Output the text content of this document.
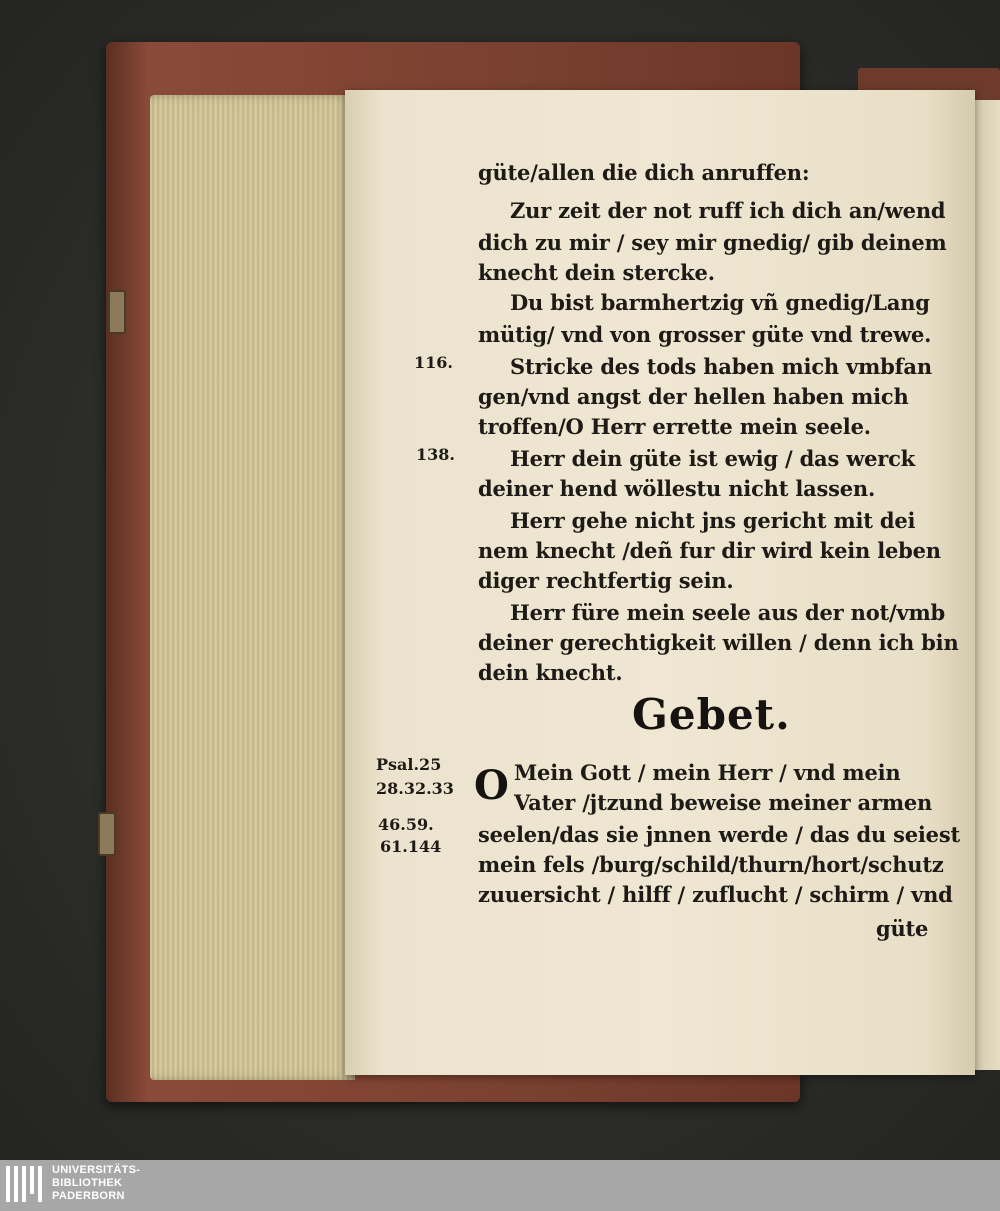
güte/allen die dich anruffen:
Zur zeit der not ruff ich dich an/wend
dich zu mir / sey mir gnedig/ gib deinem
knecht dein stercke.
Du bist barmhertzig vñ gnedig/Lang
mütig/ vnd von grosser güte vnd trewe.
Stricke des tods haben mich vmbfan
gen/vnd angst der hellen haben mich
troffen/O Herr errette mein seele.
Herr dein güte ist ewig / das werck
deiner hend wöllestu nicht lassen.
Herr gehe nicht jns gericht mit dei
nem knecht /deñ fur dir wird kein leben
diger rechtfertig sein.
Herr füre mein seele aus der not/vmb
deiner gerechtigkeit willen / denn ich bin
dein knecht.
Mein Gott / mein Herr / vnd mein
Vater /jtzund beweise meiner armen
seelen/das sie jnnen werde / das du seiest
mein fels /burg/schild/thurn/hort/schutz
zuuersicht / hilff / zuflucht / schirm / vnd
güte
Gebet.
O
116.
138.
Psal.25
28.32.33
46.59.
61.144
UNIVERSITÄTS-
BIBLIOTHEK
PADERBORN
